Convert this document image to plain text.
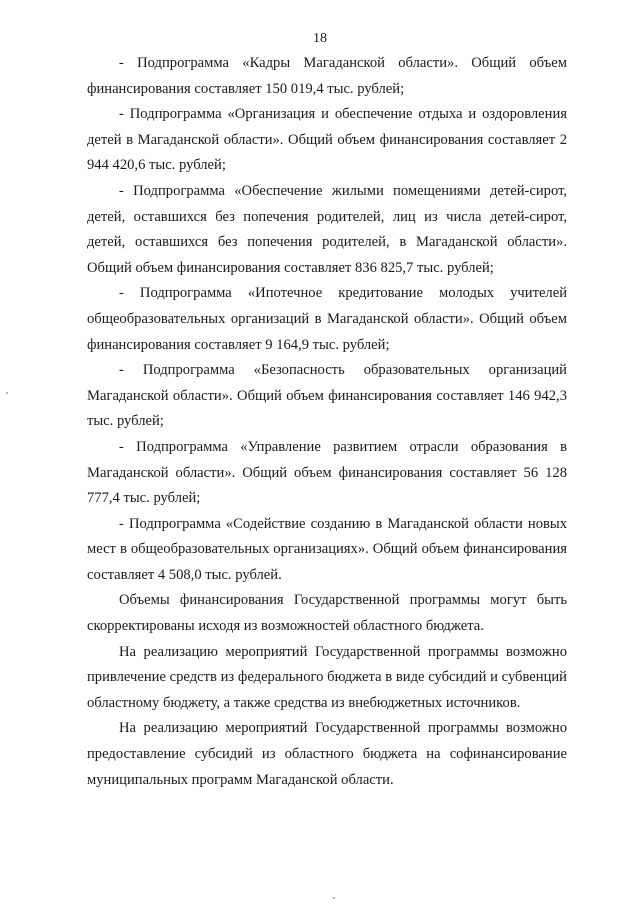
18

- Подпрограмма «Кадры Магаданской области». Общий объем финансирования составляет 150 019,4 тыс. рублей;

- Подпрограмма «Организация и обеспечение отдыха и оздоровления детей в Магаданской области». Общий объем финансирования составляет 2 944 420,6 тыс. рублей;

- Подпрограмма «Обеспечение жилыми помещениями детей-сирот, детей, оставшихся без попечения родителей, лиц из числа детей-сирот, детей, оставшихся без попечения родителей, в Магаданской области». Общий объем финансирования составляет 836 825,7 тыс. рублей;

- Подпрограмма «Ипотечное кредитование молодых учителей общеобразовательных организаций в Магаданской области». Общий объем финансирования составляет 9 164,9 тыс. рублей;

- Подпрограмма «Безопасность образовательных организаций Магаданской области». Общий объем финансирования составляет 146 942,3 тыс. рублей;

- Подпрограмма «Управление развитием отрасли образования в Магаданской области». Общий объем финансирования составляет 56 128 777,4 тыс. рублей;

- Подпрограмма «Содействие созданию в Магаданской области новых мест в общеобразовательных организациях». Общий объем финансирования составляет 4 508,0 тыс. рублей.

Объемы финансирования Государственной программы могут быть скорректированы исходя из возможностей областного бюджета.

На реализацию мероприятий Государственной программы возможно привлечение средств из федерального бюджета в виде субсидий и субвенций областному бюджету, а также средства из внебюджетных источников.

На реализацию мероприятий Государственной программы возможно предоставление субсидий из областного бюджета на софинансирование муниципальных программ Магаданской области.
